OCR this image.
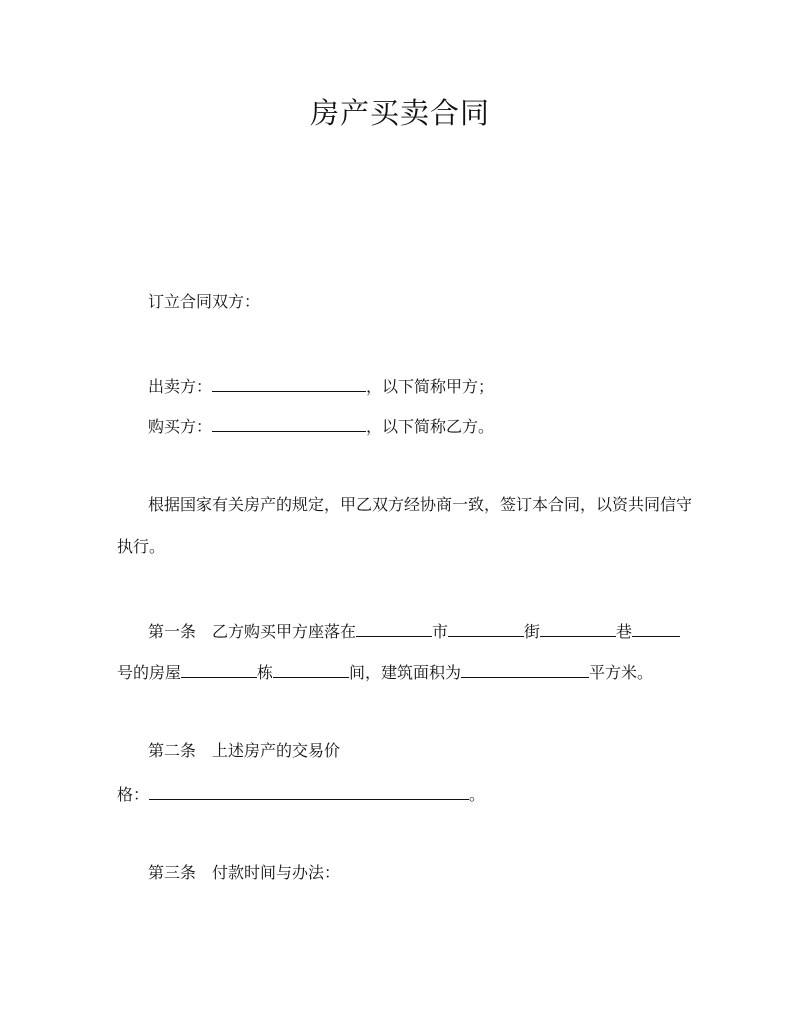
房产买卖合同
订立合同双方：
出卖方：	，以下简称甲方；
购买方：	，以下简称乙方。
根据国家有关房产的规定，甲乙双方经协商一致，签订本合同，以资共同信守
执行。
第一条　乙方购买甲方座落在	市	街	巷
号的房屋	栋	间，建筑面积为	平方米。
第二条　上述房产的交易价
格：	。
第三条　付款时间与办法：
